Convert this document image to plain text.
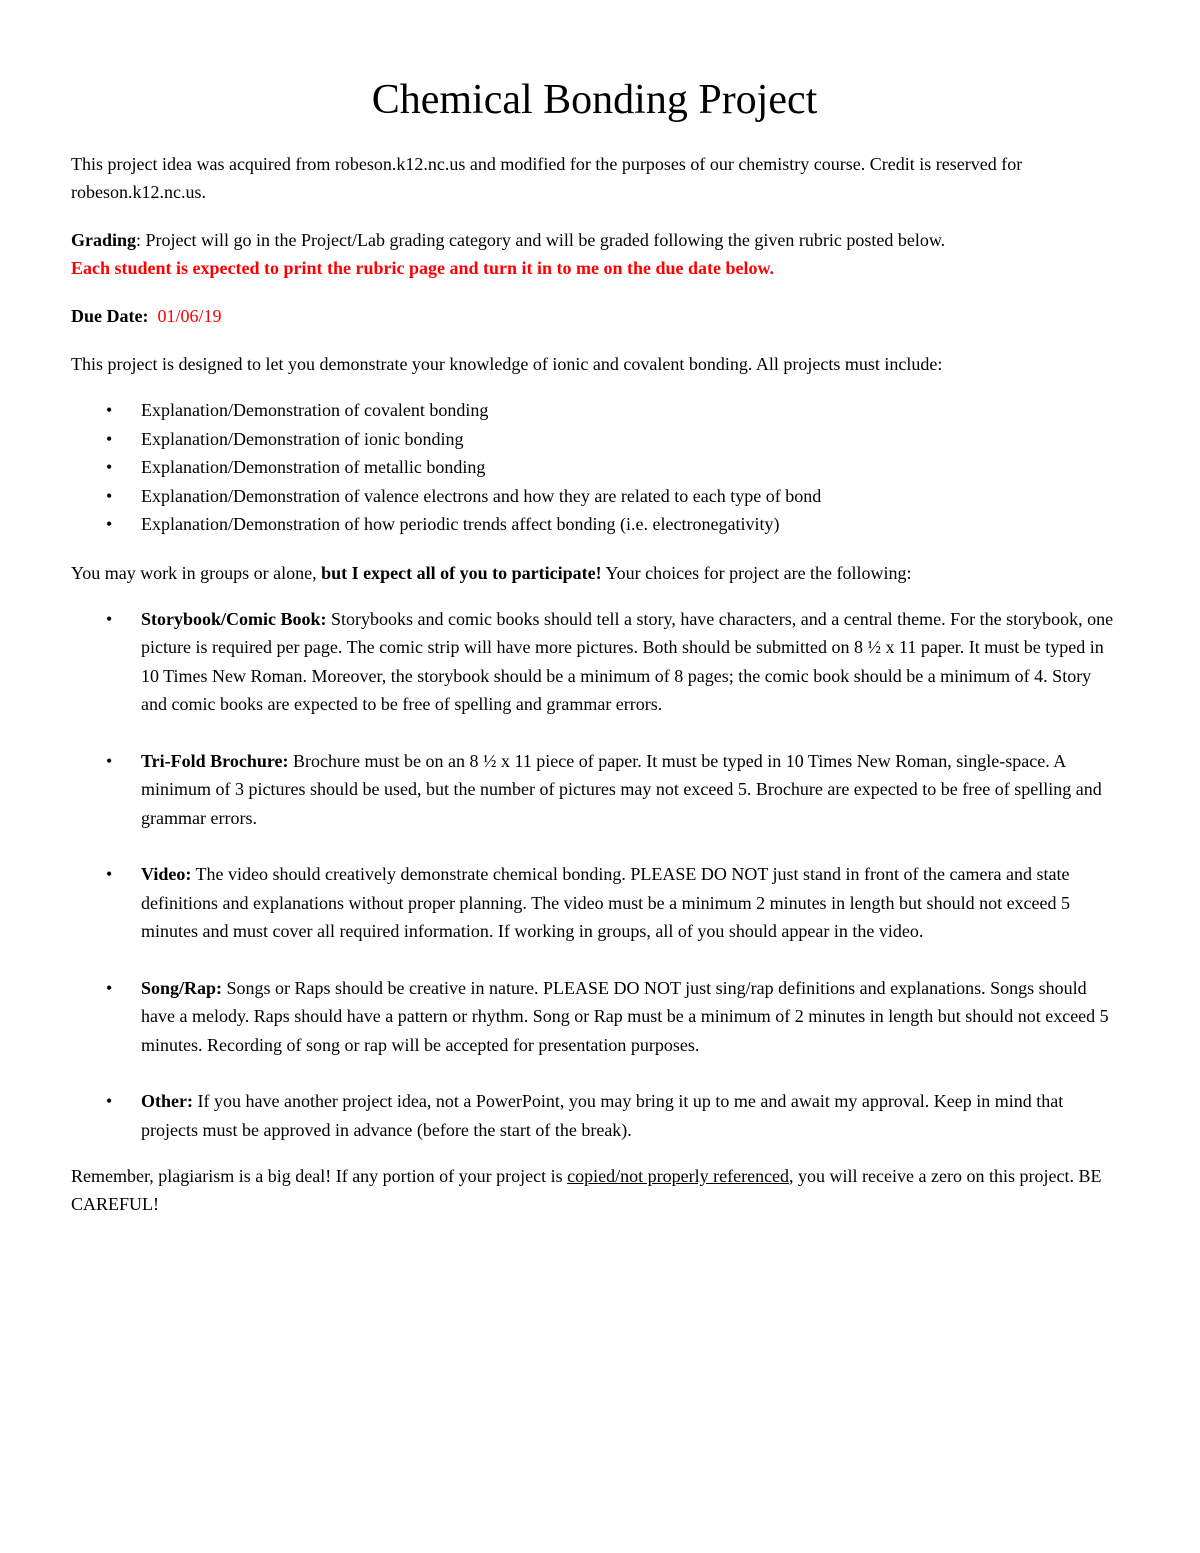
Chemical Bonding Project

This project idea was acquired from robeson.k12.nc.us and modified for the purposes of our chemistry course. Credit is reserved for robeson.k12.nc.us.

Grading: Project will go in the Project/Lab grading category and will be graded following the given rubric posted below.
Each student is expected to print the rubric page and turn it in to me on the due date below.

Due Date: 01/06/19

This project is designed to let you demonstrate your knowledge of ionic and covalent bonding. All projects must include:

• Explanation/Demonstration of covalent bonding
• Explanation/Demonstration of ionic bonding
• Explanation/Demonstration of metallic bonding
• Explanation/Demonstration of valence electrons and how they are related to each type of bond
• Explanation/Demonstration of how periodic trends affect bonding (i.e. electronegativity)

You may work in groups or alone, but I expect all of you to participate! Your choices for project are the following:

• Storybook/Comic Book: Storybooks and comic books should tell a story, have characters, and a central theme. For the storybook, one picture is required per page. The comic strip will have more pictures. Both should be submitted on 8 ½ x 11 paper. It must be typed in 10 Times New Roman. Moreover, the storybook should be a minimum of 8 pages; the comic book should be a minimum of 4. Story and comic books are expected to be free of spelling and grammar errors.
• Tri-Fold Brochure: Brochure must be on an 8 ½ x 11 piece of paper. It must be typed in 10 Times New Roman, single-space. A minimum of 3 pictures should be used, but the number of pictures may not exceed 5. Brochure are expected to be free of spelling and grammar errors.
• Video: The video should creatively demonstrate chemical bonding. PLEASE DO NOT just stand in front of the camera and state definitions and explanations without proper planning. The video must be a minimum 2 minutes in length but should not exceed 5 minutes and must cover all required information. If working in groups, all of you should appear in the video.
• Song/Rap: Songs or Raps should be creative in nature. PLEASE DO NOT just sing/rap definitions and explanations. Songs should have a melody. Raps should have a pattern or rhythm. Song or Rap must be a minimum of 2 minutes in length but should not exceed 5 minutes. Recording of song or rap will be accepted for presentation purposes.
• Other: If you have another project idea, not a PowerPoint, you may bring it up to me and await my approval. Keep in mind that projects must be approved in advance (before the start of the break).

Remember, plagiarism is a big deal! If any portion of your project is copied/not properly referenced, you will receive a zero on this project. BE CAREFUL!
